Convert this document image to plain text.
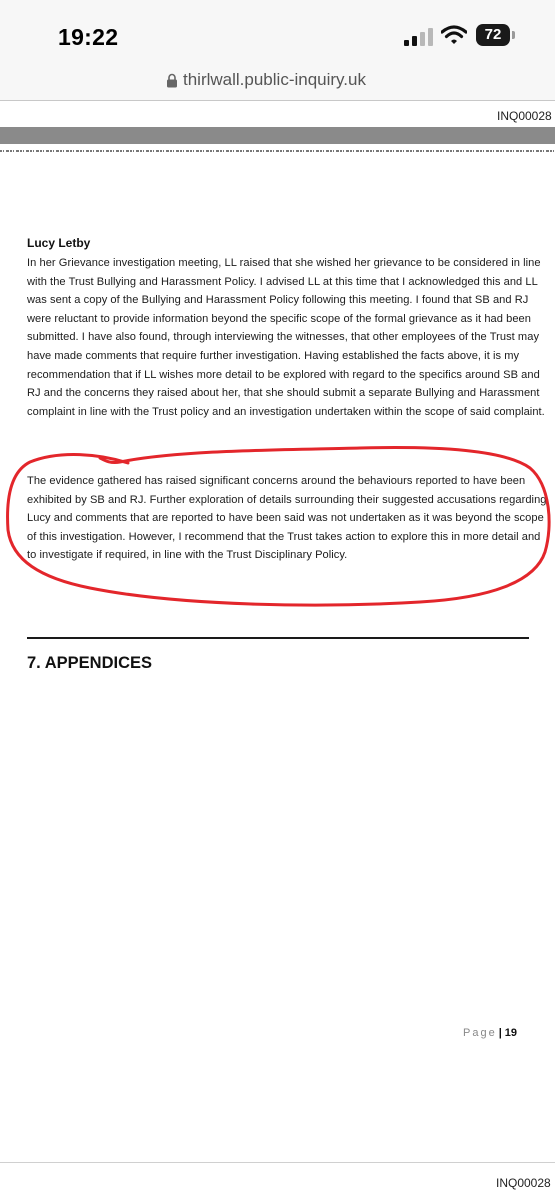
19:22	72
thirlwall.public-inquiry.uk
INQ00028
Lucy Letby

In her Grievance investigation meeting, LL raised that she wished her grievance to be considered in line with the Trust Bullying and Harassment Policy. I advised LL at this time that I acknowledged this and LL was sent a copy of the Bullying and Harassment Policy following this meeting. I found that SB and RJ were reluctant to provide information beyond the specific scope of the formal grievance as it had been submitted. I have also found, through interviewing the witnesses, that other employees of the Trust may have made comments that require further investigation. Having established the facts above, it is my recommendation that if LL wishes more detail to be explored with regard to the specifics around SB and RJ and the concerns they raised about her, that she should submit a separate Bullying and Harassment complaint in line with the Trust policy and an investigation undertaken within the scope of said complaint.

The evidence gathered has raised significant concerns around the behaviours reported to have been exhibited by SB and RJ. Further exploration of details surrounding their suggested accusations regarding Lucy and comments that are reported to have been said was not undertaken as it was beyond the scope of this investigation. However, I recommend that the Trust takes action to explore this in more detail and to investigate if required, in line with the Trust Disciplinary Policy.

7. APPENDICES
Page | 19
INQ00028
